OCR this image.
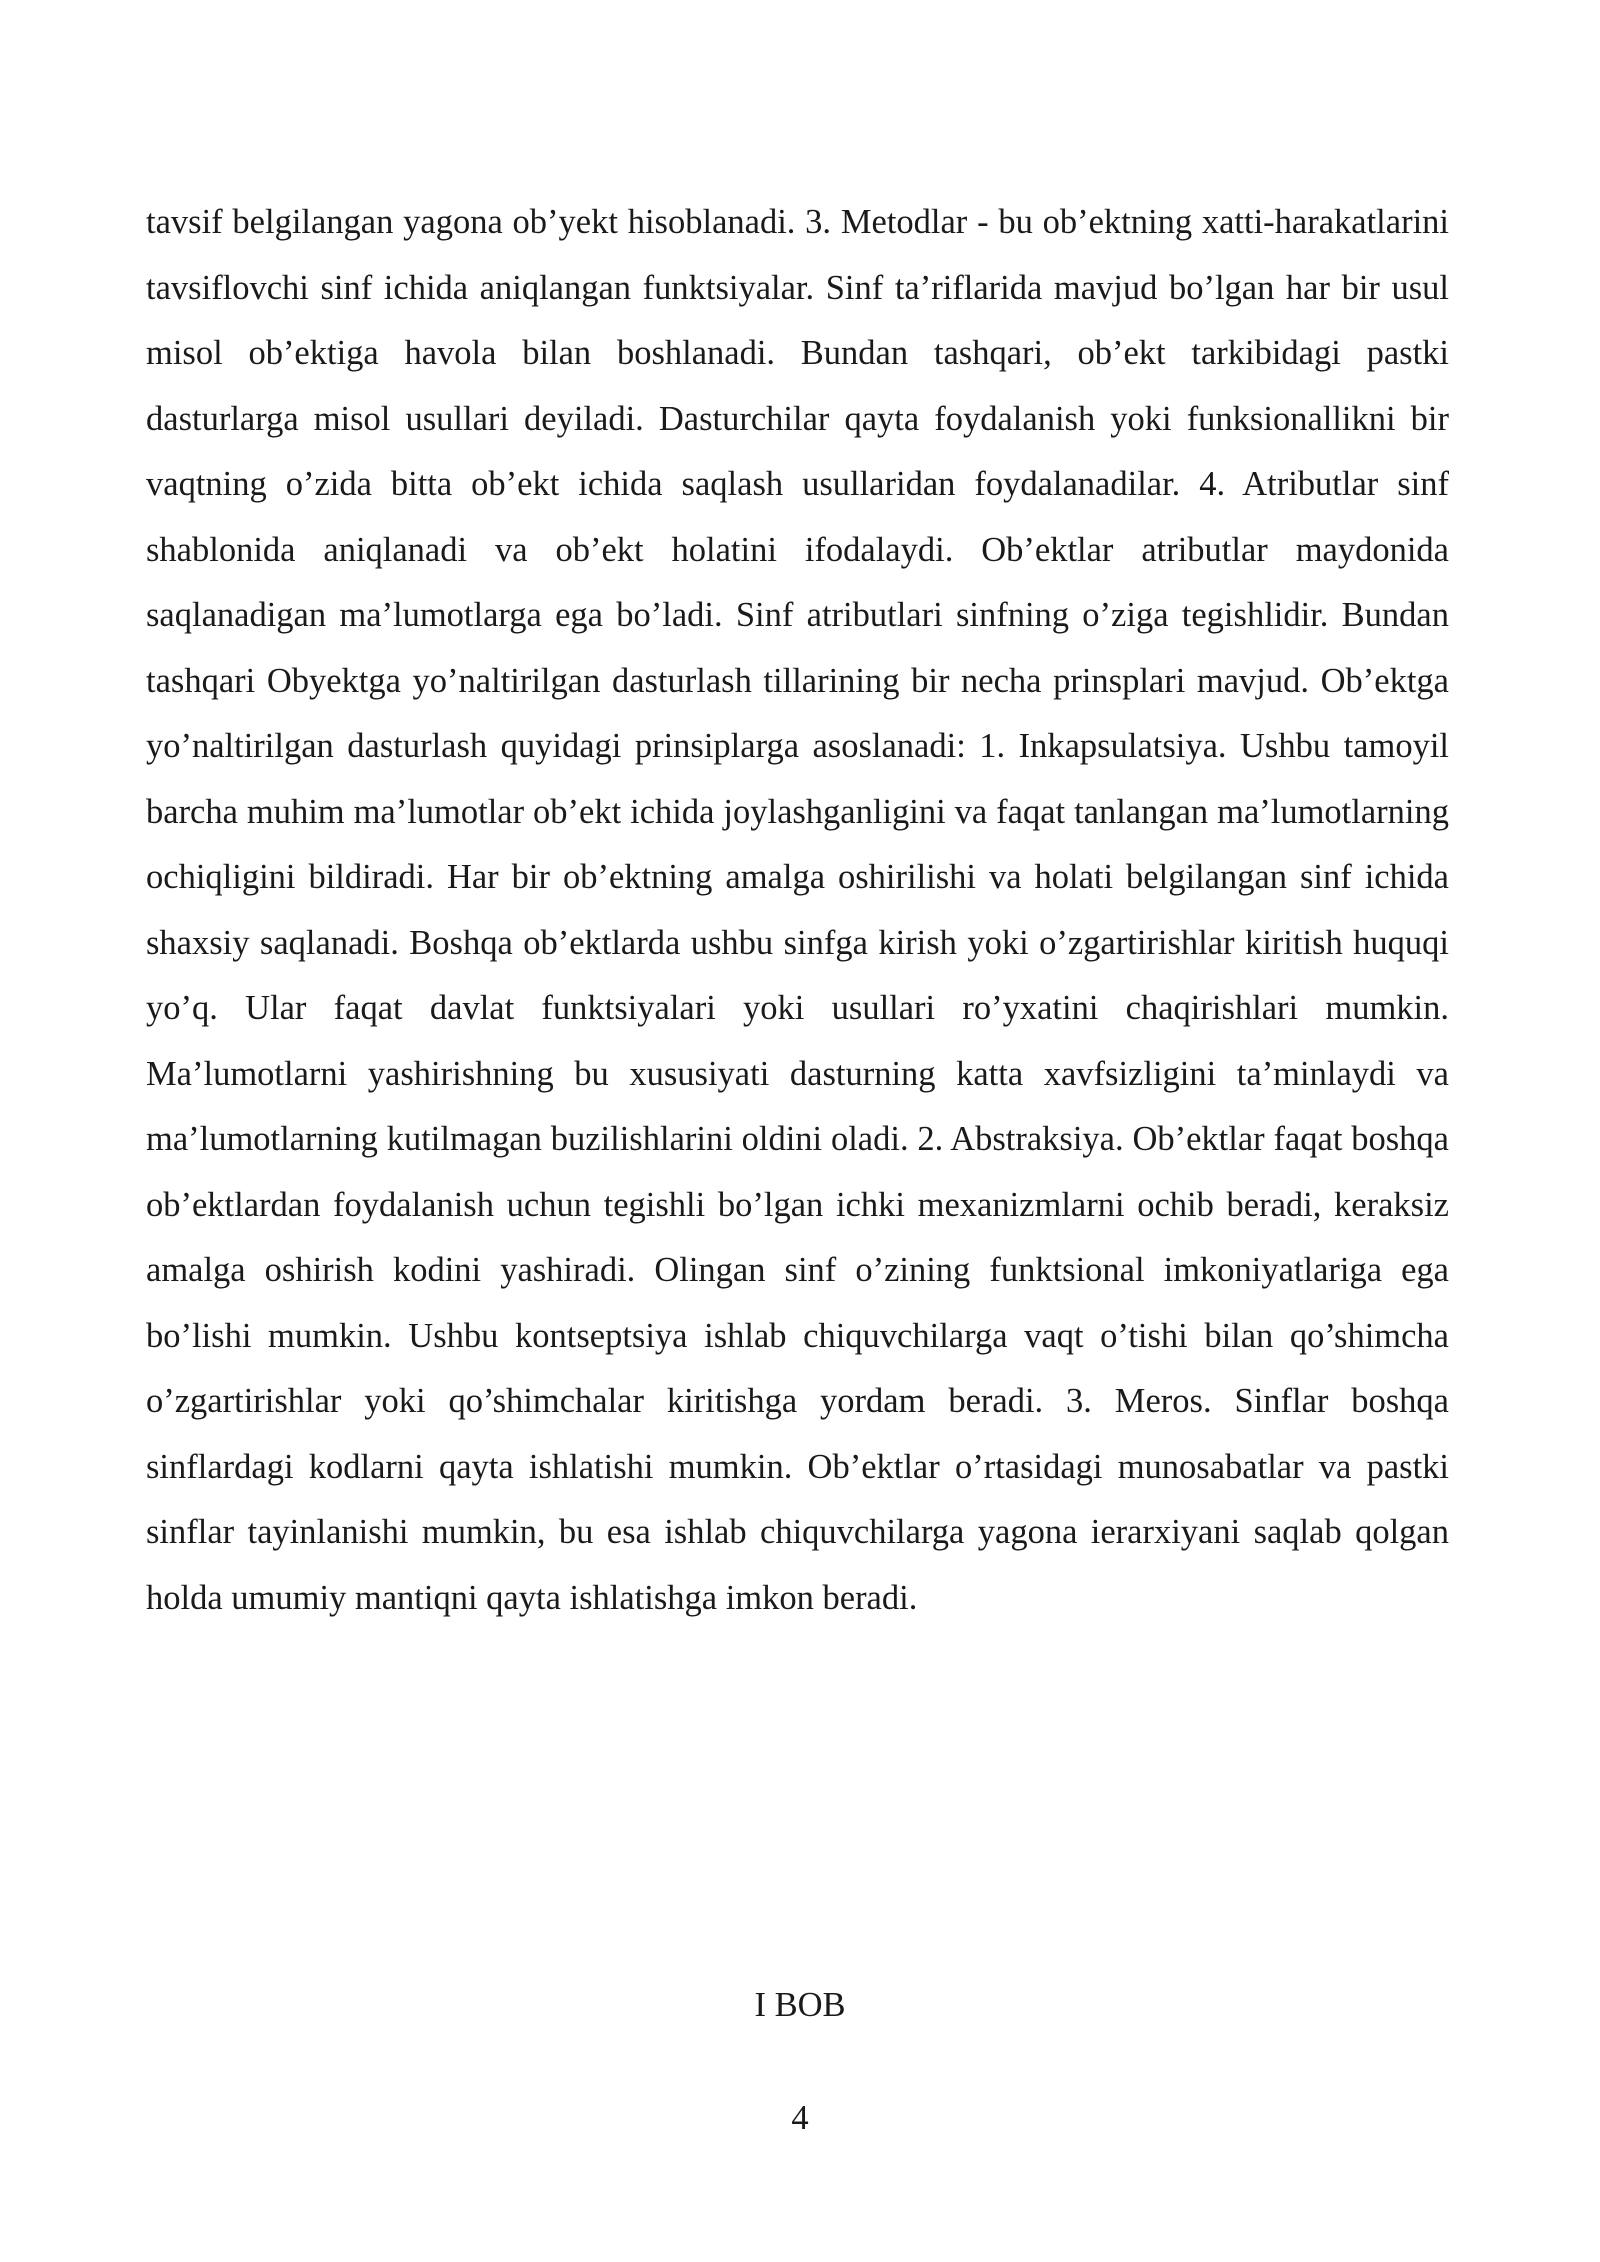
tavsif belgilangan yagona ob’yekt hisoblanadi. 3. Metodlar - bu ob’ektning xatti-harakatlarini tavsiflovchi sinf ichida aniqlangan funktsiyalar. Sinf ta’riflarida mavjud bo’lgan har bir usul misol ob’ektiga havola bilan boshlanadi. Bundan tashqari, ob’ekt tarkibidagi pastki dasturlarga misol usullari deyiladi. Dasturchilar qayta foydalanish yoki funksionallikni bir vaqtning o’zida bitta ob’ekt ichida saqlash usullaridan foydalanadilar. 4. Atributlar sinf shablonida aniqlanadi va ob’ekt holatini ifodalaydi. Ob’ektlar atributlar maydonida saqlanadigan ma’lumotlarga ega bo’ladi. Sinf atributlari sinfning o’ziga tegishlidir. Bundan tashqari Obyektga yo’naltirilgan dasturlash tillarining bir necha prinsplari mavjud. Ob’ektga yo’naltirilgan dasturlash quyidagi prinsiplarga asoslanadi: 1. Inkapsulatsiya. Ushbu tamoyil barcha muhim ma’lumotlar ob’ekt ichida joylashganligini va faqat tanlangan ma’lumotlarning ochiqligini bildiradi. Har bir ob’ektning amalga oshirilishi va holati belgilangan sinf ichida shaxsiy saqlanadi. Boshqa ob’ektlarda ushbu sinfga kirish yoki o’zgartirishlar kiritish huquqi yo’q. Ular faqat davlat funktsiyalari yoki usullari ro’yxatini chaqirishlari mumkin. Ma’lumotlarni yashirishning bu xususiyati dasturning katta xavfsizligini ta’minlaydi va ma’lumotlarning kutilmagan buzilishlarini oldini oladi. 2. Abstraksiya. Ob’ektlar faqat boshqa ob’ektlardan foydalanish uchun tegishli bo’lgan ichki mexanizmlarni ochib beradi, keraksiz amalga oshirish kodini yashiradi. Olingan sinf o’zining funktsional imkoniyatlariga ega bo’lishi mumkin. Ushbu kontseptsiya ishlab chiquvchilarga vaqt o’tishi bilan qo’shimcha o’zgartirishlar yoki qo’shimchalar kiritishga yordam beradi. 3. Meros. Sinflar boshqa sinflardagi kodlarni qayta ishlatishi mumkin. Ob’ektlar o’rtasidagi munosabatlar va pastki sinflar tayinlanishi mumkin, bu esa ishlab chiquvchilarga yagona ierarxiyani saqlab qolgan holda umumiy mantiqni qayta ishlatishga imkon beradi.

I BOB
4
